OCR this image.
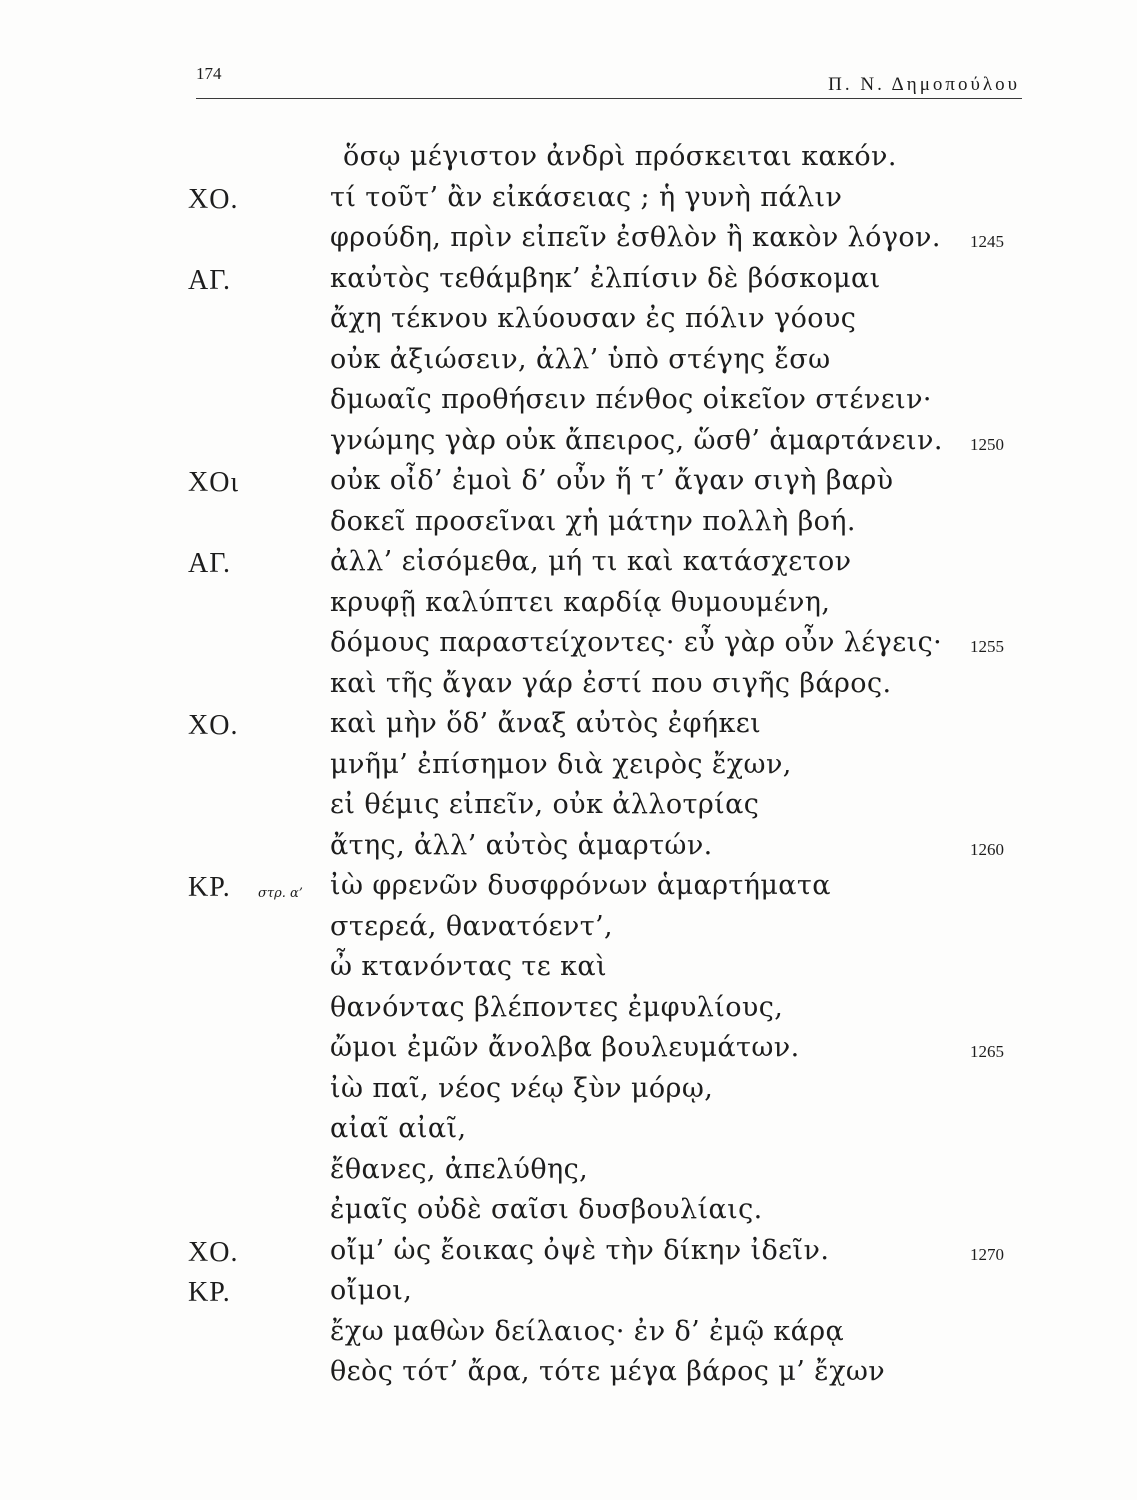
174
Π. Ν. Δημοπούλου
ὅσῳ μέγιστον ἀνδρὶ πρόσκειται κακόν.
ΧΟ.	τί τοῦτ’ ἂν εἰκάσειας ; ἡ γυνὴ πάλιν
φρούδη, πρὶν εἰπεῖν ἐσθλὸν ἢ κακὸν λόγον. 1245
ΑΓ.	καὐτὸς τεθάμβηκ’ ἐλπίσιν δὲ βόσκομαι
ἄχη τέκνου κλύουσαν ἐς πόλιν γόους
οὐκ ἀξιώσειν, ἀλλ’ ὑπὸ στέγης ἔσω
δμωαῖς προθήσειν πένθος οἰκεῖον στένειν·
γνώμης γὰρ οὐκ ἄπειρος, ὥσθ’ ἁμαρτάνειν. 1250
ΧΟι	οὐκ οἶδ’ ἐμοὶ δ’ οὖν ἥ τ’ ἄγαν σιγὴ βαρὺ
δοκεῖ προσεῖναι χἡ μάτην πολλὴ βοή.
ΑΓ.	ἀλλ’ εἰσόμεθα, μή τι καὶ κατάσχετον
κρυφῇ καλύπτει καρδίᾳ θυμουμένη,
δόμους παραστείχοντες· εὖ γὰρ οὖν λέγεις· 1255
καὶ τῆς ἄγαν γάρ ἐστί που σιγῆς βάρος.
ΧΟ.	καὶ μὴν ὅδ’ ἄναξ αὐτὸς ἐφήκει
μνῆμ’ ἐπίσημον διὰ χειρὸς ἔχων,
εἰ θέμις εἰπεῖν, οὐκ ἀλλοτρίας
ἄτης, ἀλλ’ αὐτὸς ἁμαρτών.	1260
ΚΡ. στρ. α’ ἰὼ φρενῶν δυσφρόνων ἁμαρτήματα
στερεά, θανατόεντ’,
ὦ κτανόντας τε καὶ
θανόντας βλέποντες ἐμφυλίους,
ὤμοι ἐμῶν ἄνολβα βουλευμάτων.	1265
ἰὼ παῖ, νέος νέῳ ξὺν μόρῳ,
αἰαῖ αἰαῖ,
ἔθανες, ἀπελύθης,
ἐμαῖς οὐδὲ σαῖσι δυσβουλίαις.
ΧΟ.	οἴμ’ ὡς ἔοικας ὀψὲ τὴν δίκην ἰδεῖν.	1270
ΚΡ.	οἴμοι,
ἔχω μαθὼν δείλαιος· ἐν δ’ ἐμῷ κάρᾳ
θεὸς τότ’ ἄρα, τότε μέγα βάρος μ’ ἔχων
